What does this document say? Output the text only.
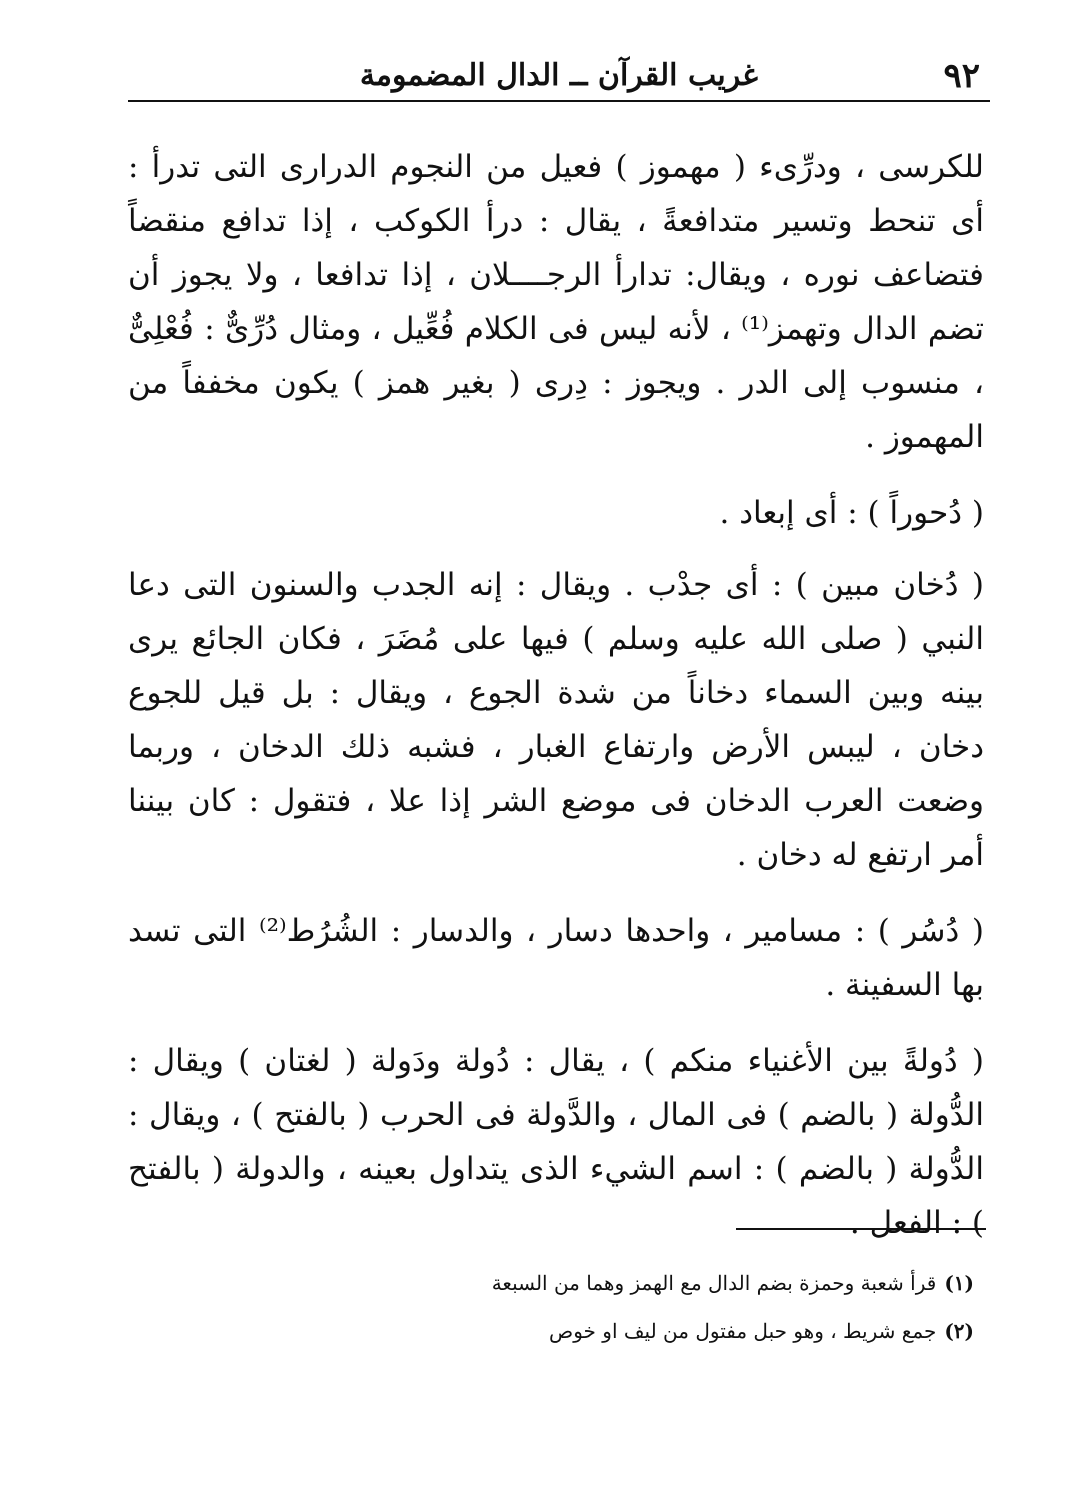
٩٢
غريب القرآن ــ الدال المضمومة

للكرسى ، ودرِّىء ( مهموز ) فعيل من النجوم الدرارى التى تدرأ : أى تنحط وتسير متدافعةً ، يقال : درأ الكوكب ، إذا تدافع منقضاً فتضاعف نوره ، ويقال: تدارأ الرجــــلان ، إذا تدافعا ، ولا يجوز أن تضم الدال وتهمز⁽¹⁾ ، لأنه ليس فى الكلام فُعِّيل ، ومثال دُرِّىٌّ : فُعْلِىٌّ ، منسوب إلى الدر . ويجوز : دِرى ( بغير همز ) يكون مخففاً من المهموز .

( دُحوراً ) : أى إبعاد .

( دُخان مبين ) : أى جدْب . ويقال : إنه الجدب والسنون التى دعا النبي ( صلى الله عليه وسلم ) فيها على مُضَرَ ، فكان الجائع يرى بينه وبين السماء دخاناً من شدة الجوع ، ويقال : بل قيل للجوع دخان ، ليبس الأرض وارتفاع الغبار ، فشبه ذلك الدخان ، وربما وضعت العرب الدخان فى موضع الشر إذا علا ، فتقول : كان بيننا أمر ارتفع له دخان .

( دُسُر ) : مسامير ، واحدها دسار ، والدسار : الشُرُط⁽²⁾ التى تسد بها السفينة .

( دُولةً بين الأغنياء منكم ) ، يقال : دُولة ودَولة ( لغتان ) ويقال : الدُّولة ( بالضم ) فى المال ، والدَّولة فى الحرب ( بالفتح ) ، ويقال : الدُّولة ( بالضم ) : اسم الشيء الذى يتداول بعينه ، والدولة ( بالفتح ) : الفعل .

(١)قرأ شعبة وحمزة بضم الدال مع الهمز وهما من السبعة

(٢)جمع شريط ، وهو حبل مفتول من ليف او خوص
